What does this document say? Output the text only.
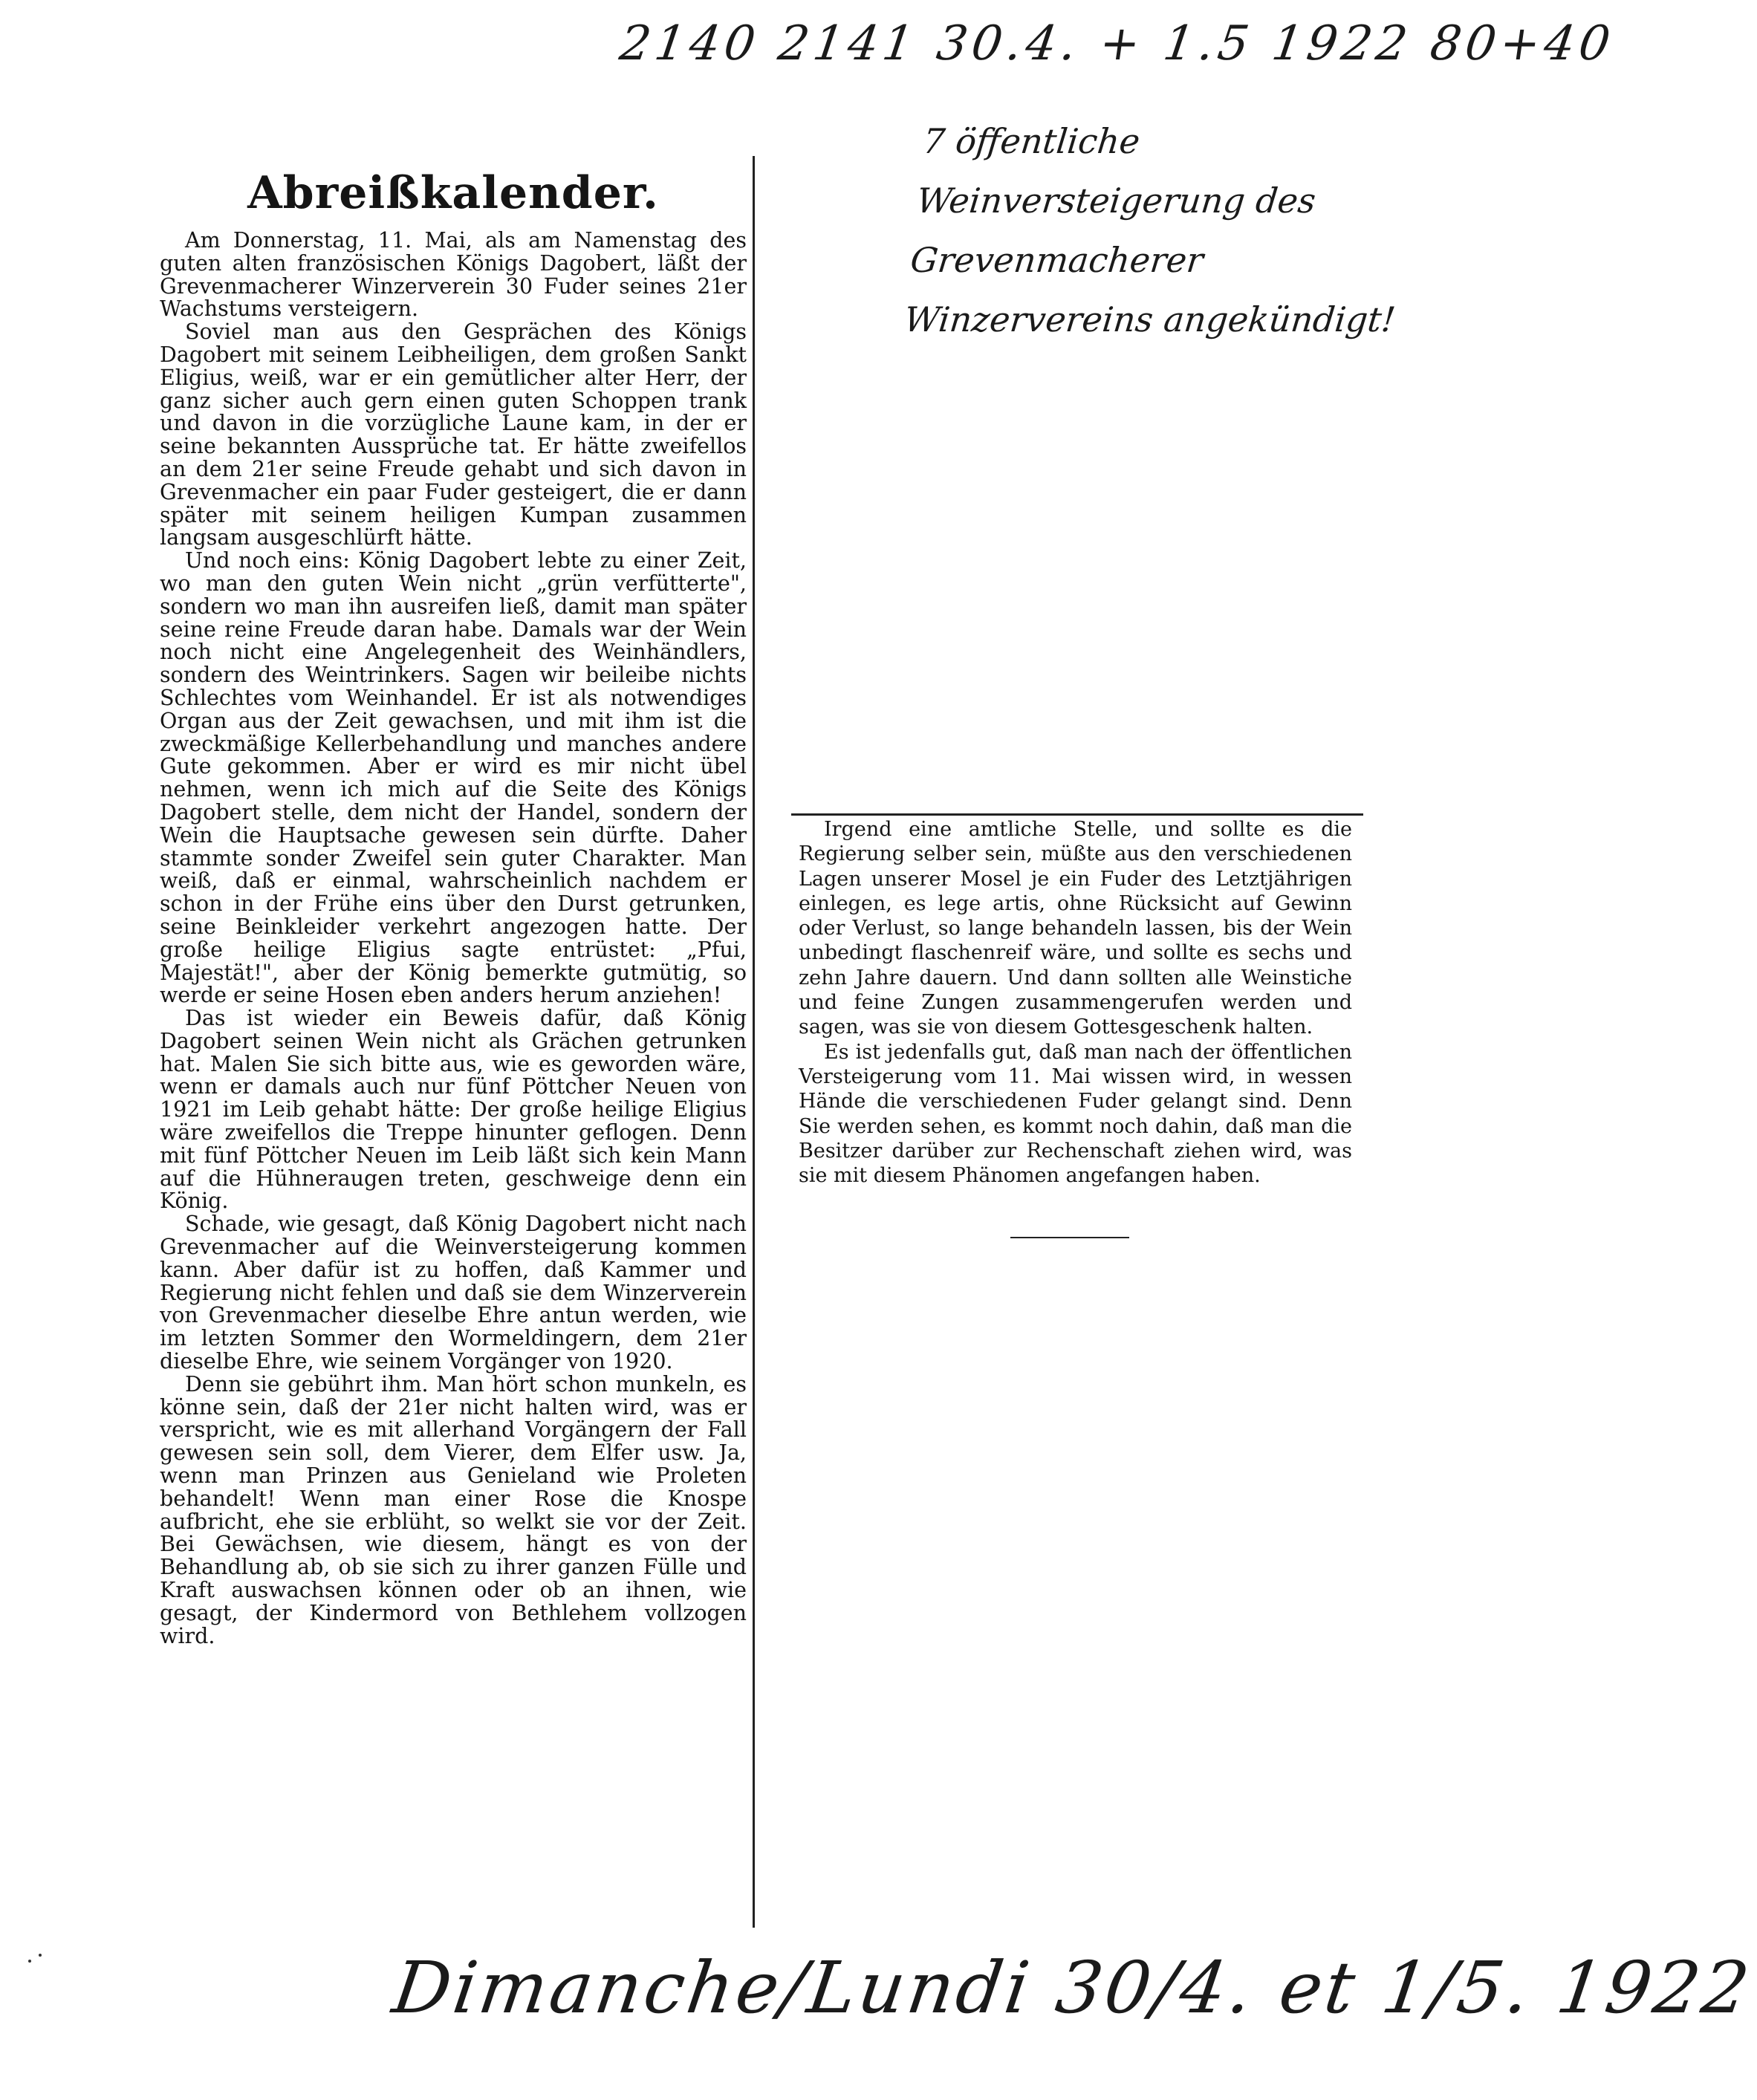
2140 2141 30.4. + 1.5 1922 80+40
7 öffentliche Weinversteigerung des Grevenmacherer Winzervereins angekündigt!
Abreißkalender.

Am Donnerstag, 11. Mai, als am Namenstag des guten alten französischen Königs Dagobert, läßt der Grevenmacherer Winzerverein 30 Fuder seines 21er Wachstums versteigern.

Soviel man aus den Gesprächen des Königs Dagobert mit seinem Leibheiligen, dem großen Sankt Eligius, weiß, war er ein gemütlicher alter Herr, der ganz sicher auch gern einen guten Schoppen trank und davon in die vorzügliche Laune kam, in der er seine bekannten Aussprüche tat. Er hätte zweifellos an dem 21er seine Freude gehabt und sich davon in Grevenmacher ein paar Fuder gesteigert, die er dann später mit seinem heiligen Kumpan zusammen langsam ausgeschlürft hätte.

Und noch eins: König Dagobert lebte zu einer Zeit, wo man den guten Wein nicht „grün verfütterte", sondern wo man ihn ausreifen ließ, damit man später seine reine Freude daran habe. Damals war der Wein noch nicht eine Angelegenheit des Weinhändlers, sondern des Weintrinkers. Sagen wir beileibe nichts Schlechtes vom Weinhandel. Er ist als notwendiges Organ aus der Zeit gewachsen, und mit ihm ist die zweckmäßige Kellerbehandlung und manches andere Gute gekommen. Aber er wird es mir nicht übel nehmen, wenn ich mich auf die Seite des Königs Dagobert stelle, dem nicht der Handel, sondern der Wein die Hauptsache gewesen sein dürfte. Daher stammte sonder Zweifel sein guter Charakter. Man weiß, daß er einmal, wahrscheinlich nachdem er schon in der Frühe eins über den Durst getrunken, seine Beinkleider verkehrt angezogen hatte. Der große heilige Eligius sagte entrüstet: „Pfui, Majestät!", aber der König bemerkte gutmütig, so werde er seine Hosen eben anders herum anziehen!

Das ist wieder ein Beweis dafür, daß König Dagobert seinen Wein nicht als Grächen getrunken hat. Malen Sie sich bitte aus, wie es geworden wäre, wenn er damals auch nur fünf Pöttcher Neuen von 1921 im Leib gehabt hätte: Der große heilige Eligius wäre zweifellos die Treppe hinunter geflogen. Denn mit fünf Pöttcher Neuen im Leib läßt sich kein Mann auf die Hühneraugen treten, geschweige denn ein König.

Schade, wie gesagt, daß König Dagobert nicht nach Grevenmacher auf die Weinversteigerung kommen kann. Aber dafür ist zu hoffen, daß Kammer und Regierung nicht fehlen und daß sie dem Winzerverein von Grevenmacher dieselbe Ehre antun werden, wie im letzten Sommer den Wormeldingern, dem 21er dieselbe Ehre, wie seinem Vorgänger von 1920.

Denn sie gebührt ihm. Man hört schon munkeln, es könne sein, daß der 21er nicht halten wird, was er verspricht, wie es mit allerhand Vorgängern der Fall gewesen sein soll, dem Vierer, dem Elfer usw. Ja, wenn man Prinzen aus Genieland wie Proleten behandelt! Wenn man einer Rose die Knospe aufbricht, ehe sie erblüht, so welkt sie vor der Zeit. Bei Gewächsen, wie diesem, hängt es von der Behandlung ab, ob sie sich zu ihrer ganzen Fülle und Kraft auswachsen können oder ob an ihnen, wie gesagt, der Kindermord von Bethlehem vollzogen wird.

Irgend eine amtliche Stelle, und sollte es die Regierung selber sein, müßte aus den verschiedenen Lagen unserer Mosel je ein Fuder des Letztjährigen einlegen, es lege artis, ohne Rücksicht auf Gewinn oder Verlust, so lange behandeln lassen, bis der Wein unbedingt flaschenreif wäre, und sollte es sechs und zehn Jahre dauern. Und dann sollten alle Weinstiche und feine Zungen zusammengerufen werden und sagen, was sie von diesem Gottesgeschenk halten.

Es ist jedenfalls gut, daß man nach der öffentlichen Versteigerung vom 11. Mai wissen wird, in wessen Hände die verschiedenen Fuder gelangt sind. Denn Sie werden sehen, es kommt noch dahin, daß man die Besitzer darüber zur Rechenschaft ziehen wird, was sie mit diesem Phänomen angefangen haben.

Dimanche/Lundi 30/4. et 1/5. 1922
